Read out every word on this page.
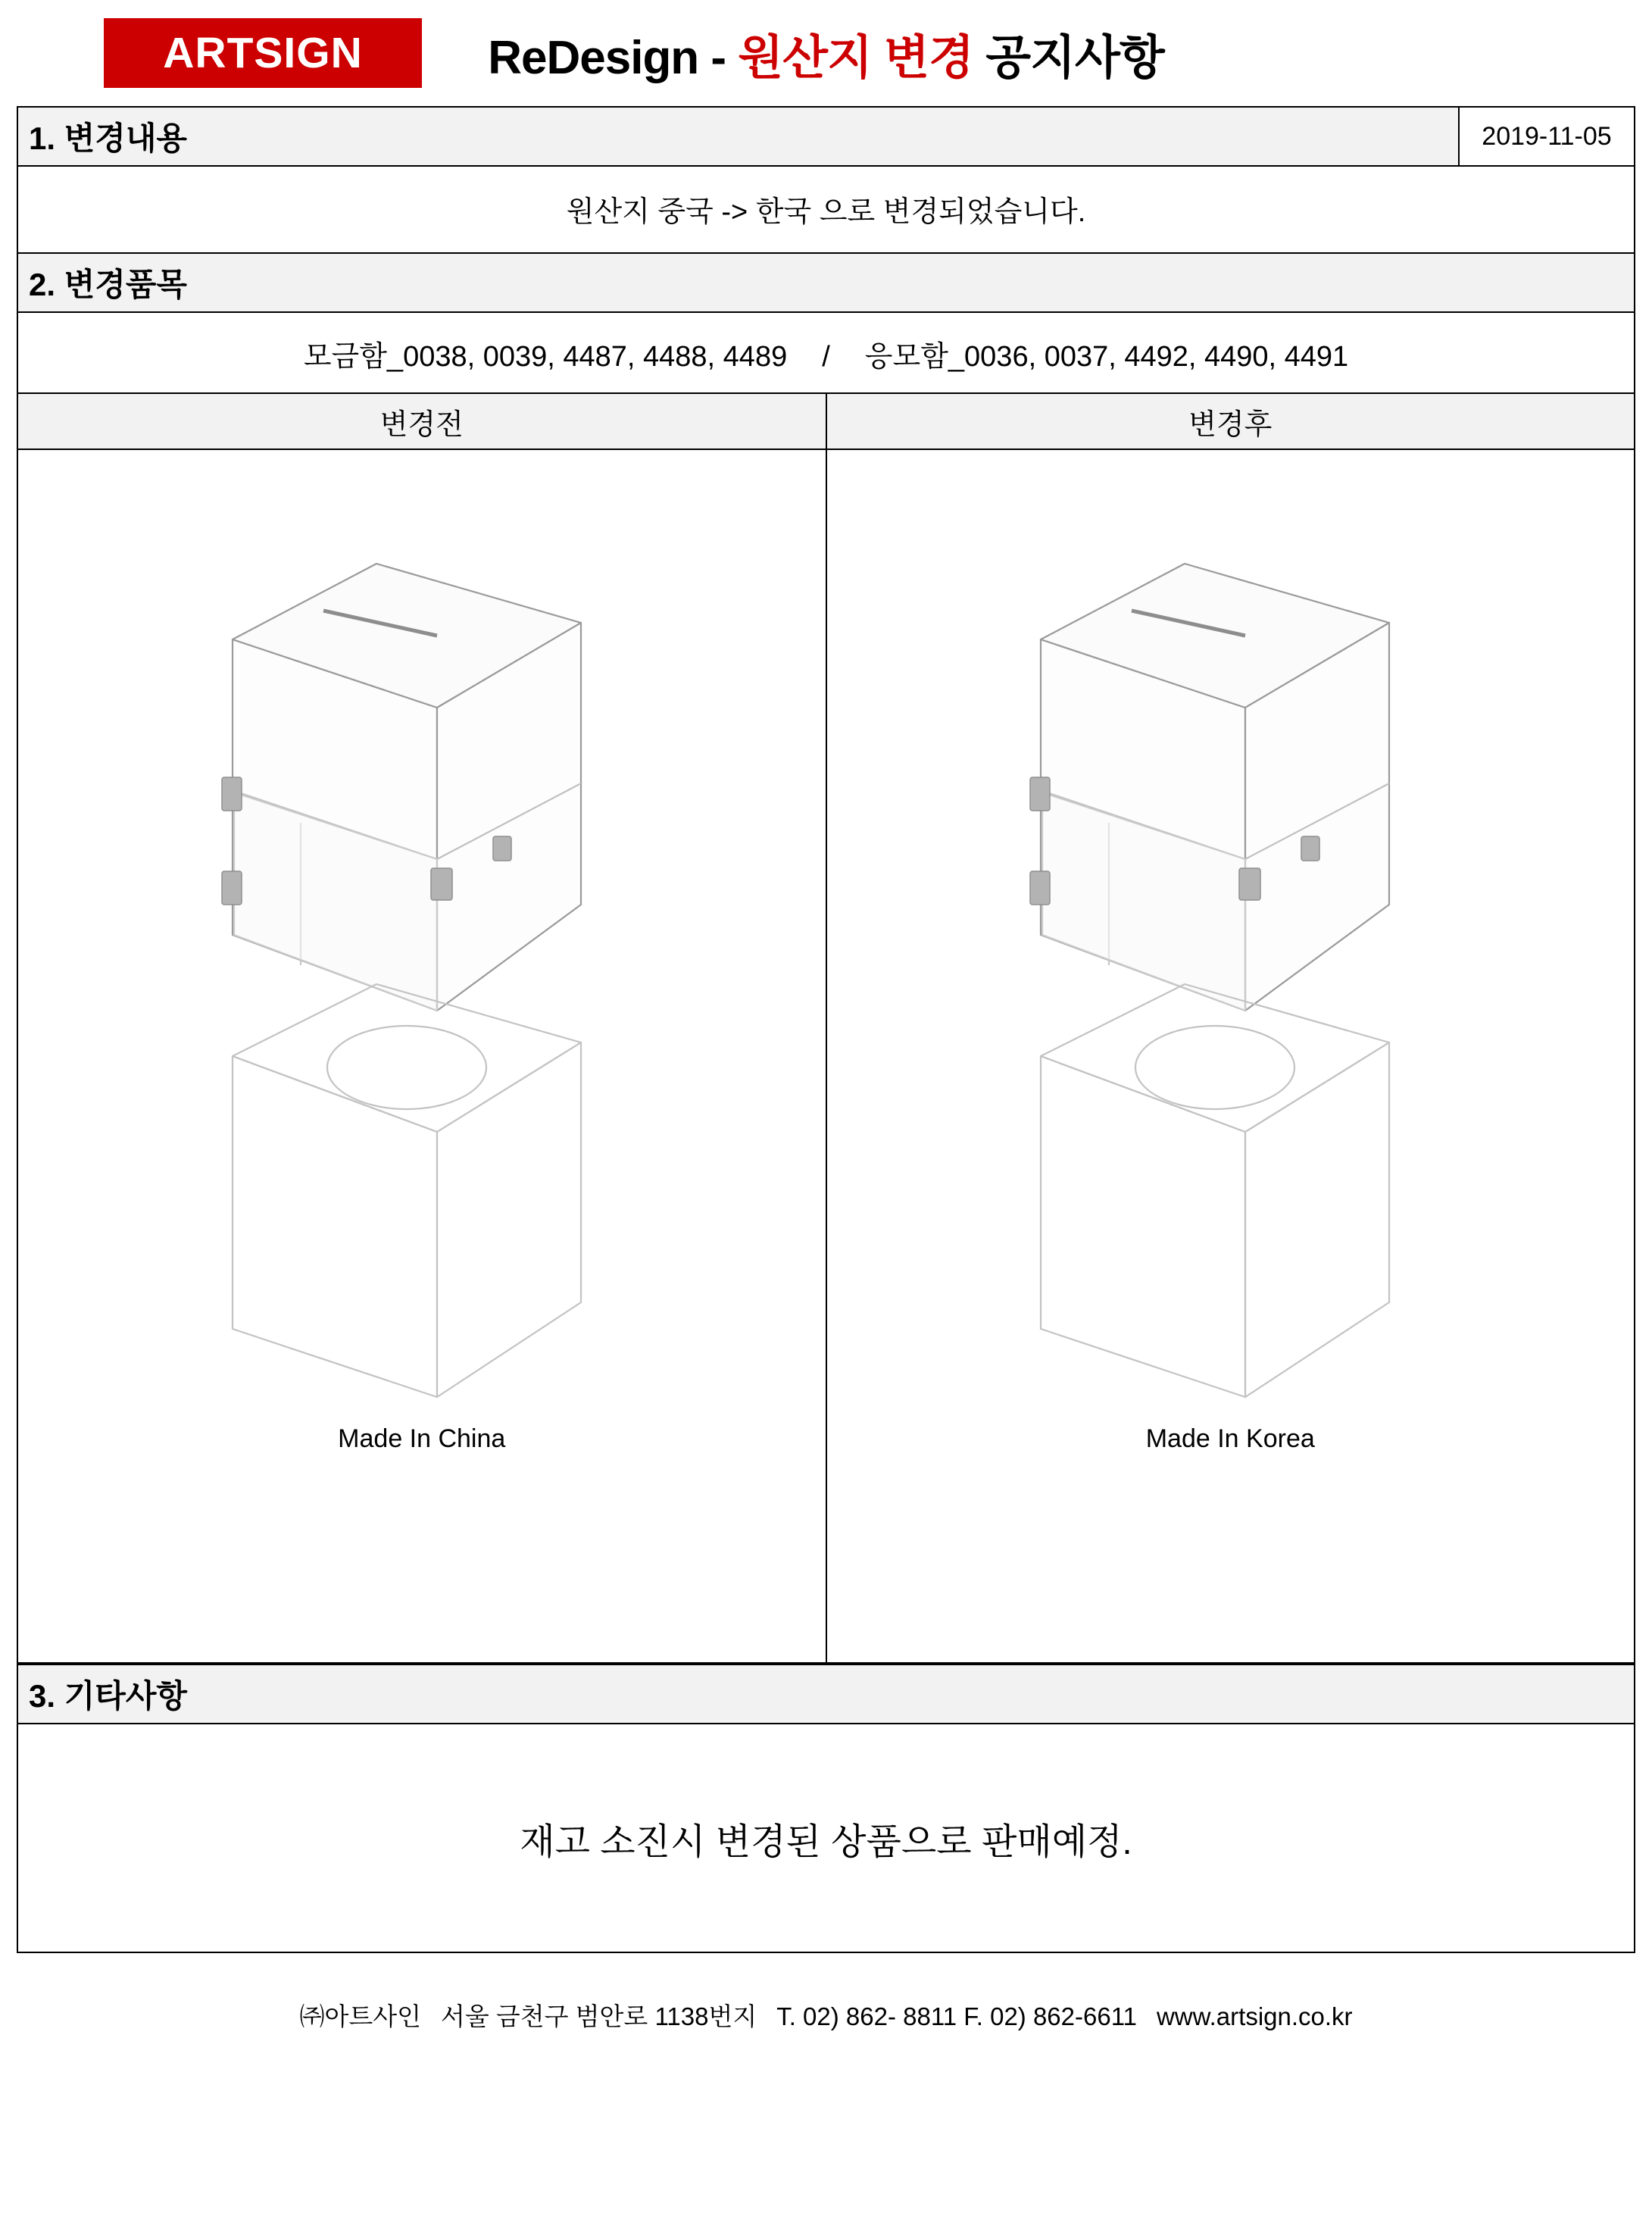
ARTSIGN	ReDesign - 원산지 변경 공지사항
1. 변경내용	2019-11-05
원산지 중국 -> 한국 으로 변경되었습니다.
2. 변경품목
모금함_0038, 0039, 4487, 4488, 4489 / 응모함_0036, 0037, 4492, 4490, 4491
변경전	변경후
Made In China	Made In Korea
3. 기타사항
재고 소진시 변경된 상품으로 판매예정.
㈜아트사인 서울 금천구 범안로 1138번지 T. 02) 862- 8811 F. 02) 862-6611 www.artsign.co.kr
